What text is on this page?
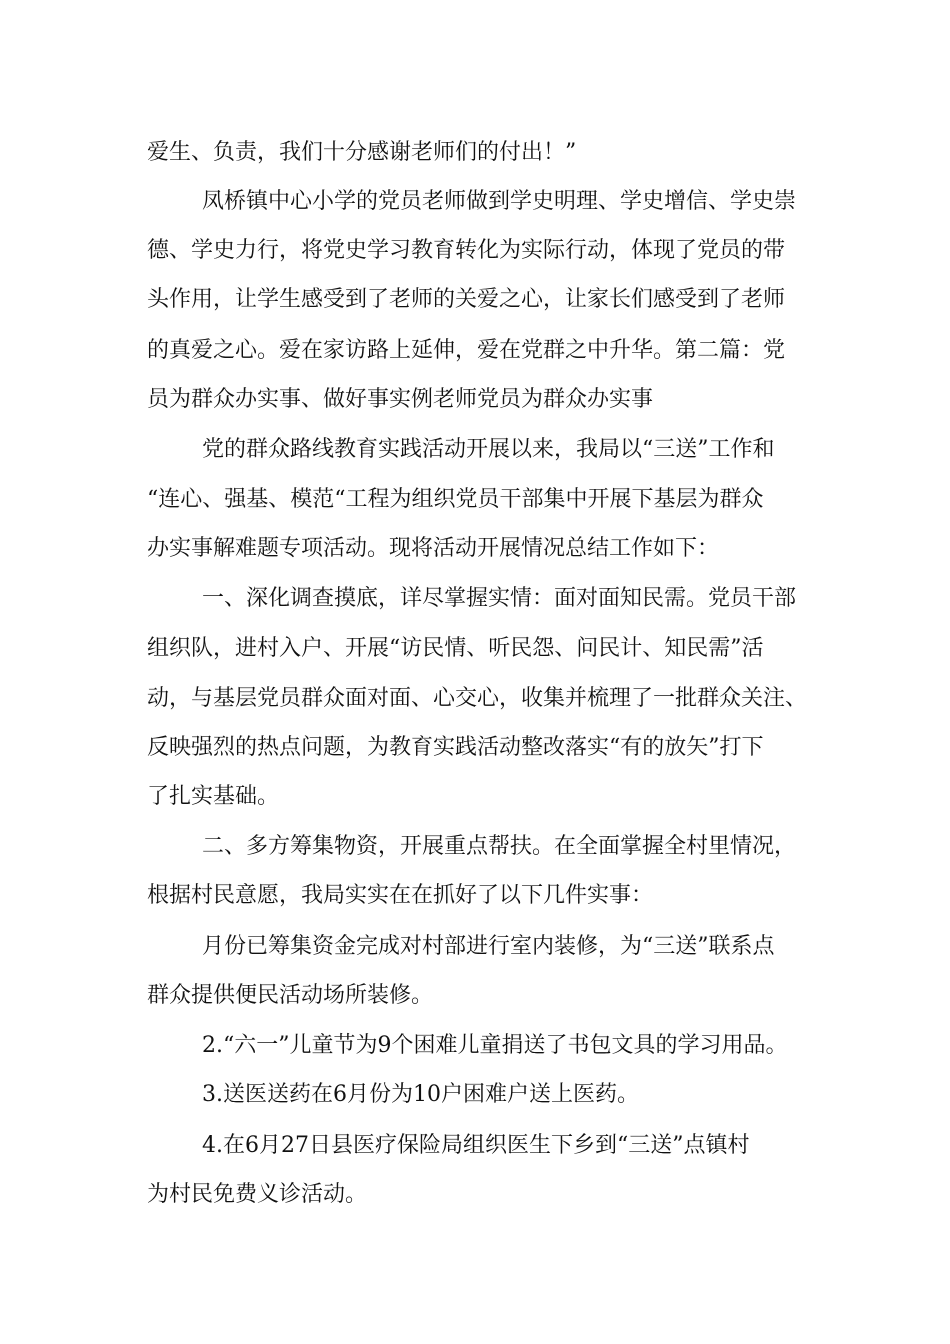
爱生、负责，我们十分感谢老师们的付出！”

凤桥镇中心小学的党员老师做到学史明理、学史增信、学史崇

德、学史力行，将党史学习教育转化为实际行动，体现了党员的带

头作用，让学生感受到了老师的关爱之心，让家长们感受到了老师

的真爱之心。爱在家访路上延伸，爱在党群之中升华。第二篇：党

员为群众办实事、做好事实例老师党员为群众办实事

党的群众路线教育实践活动开展以来，我局以“三送”工作和

“连心、强基、模范“工程为组织党员干部集中开展下基层为群众

办实事解难题专项活动。现将活动开展情况总结工作如下：

一、深化调查摸底，详尽掌握实情：面对面知民需。党员干部

组织队，进村入户、开展“访民情、听民怨、问民计、知民需”活

动，与基层党员群众面对面、心交心，收集并梳理了一批群众关注、

反映强烈的热点问题，为教育实践活动整改落实“有的放矢”打下

了扎实基础。

二、多方筹集物资，开展重点帮扶。在全面掌握全村里情况，

根据村民意愿，我局实实在在抓好了以下几件实事：

月份已筹集资金完成对村部进行室内装修，为“三送”联系点

群众提供便民活动场所装修。

2.“六一”儿童节为9个困难儿童捐送了书包文具的学习用品。

3.送医送药在6月份为10户困难户送上医药。

4.在6月27日县医疗保险局组织医生下乡到“三送”点镇村

为村民免费义诊活动。
